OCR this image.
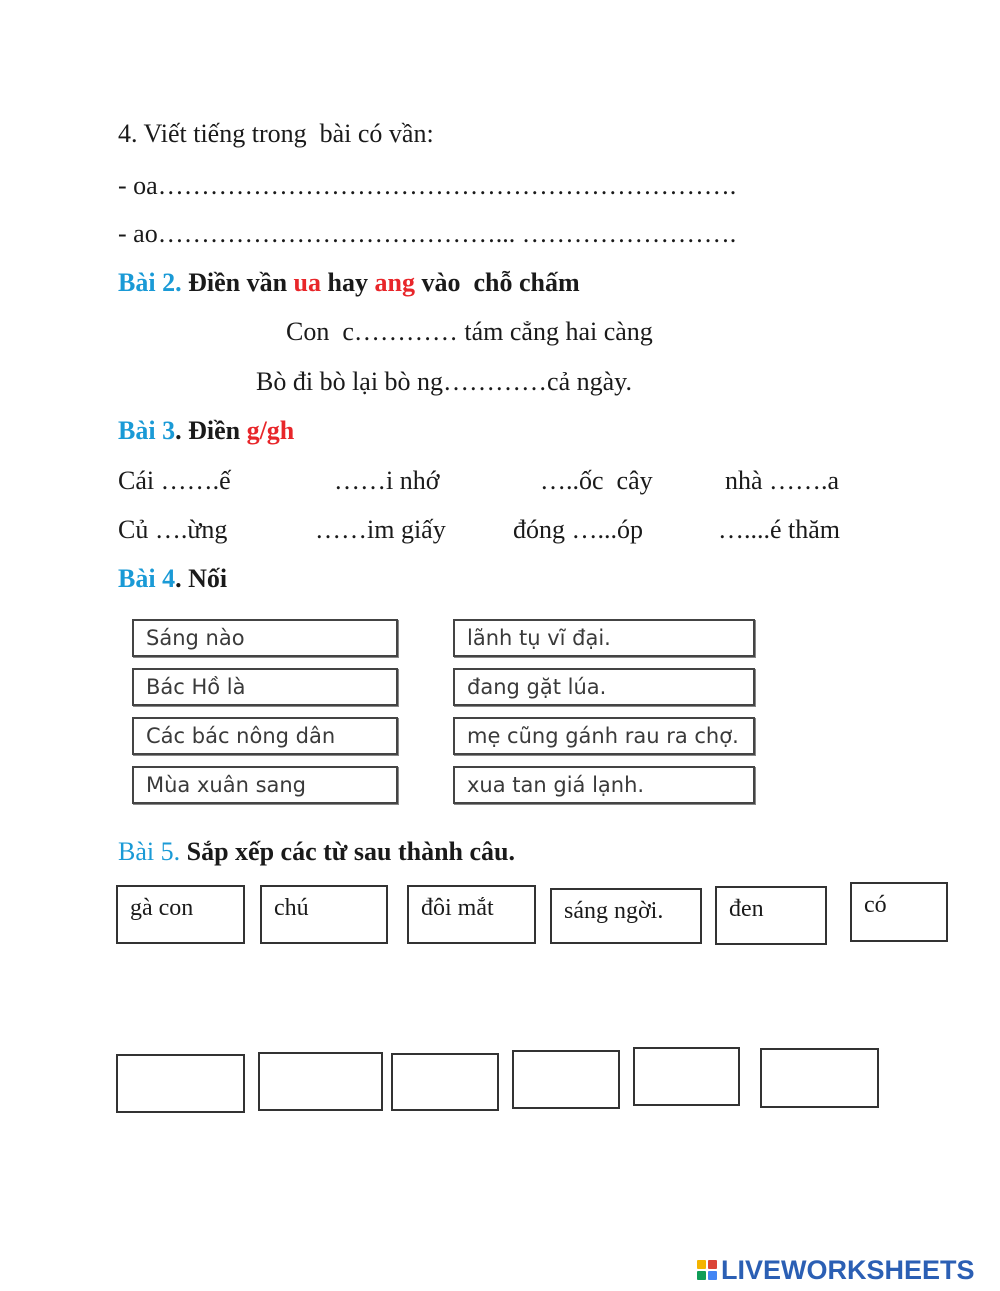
4. Viết tiếng trong  bài có vần:
- oa………………………………………………………….
- ao…………………………………... …………………….
Bài 2. Điền vần ua hay ang vào  chỗ chấm
Con  c………… tám cẳng hai càng
Bò đi bò lại bò ng…………cả ngày.
Bài 3. Điền g/gh
Cái …….ế	……i nhớ	…..ốc  cây	nhà …….a
Củ ….ừng	……im giấy	đóng …...óp	…....é thăm
Bài 4. Nối
Sáng nào
Bác Hồ là
Các bác nông dân
Mùa xuân sang
lãnh tụ vĩ đại.
đang gặt lúa.
mẹ cũng gánh rau ra chợ.
xua tan giá lạnh.
Bài 5. Sắp xếp các từ sau thành câu.
gà con	chú	đôi mắt	sáng ngời.	đen	có
LIVEWORKSHEETS
